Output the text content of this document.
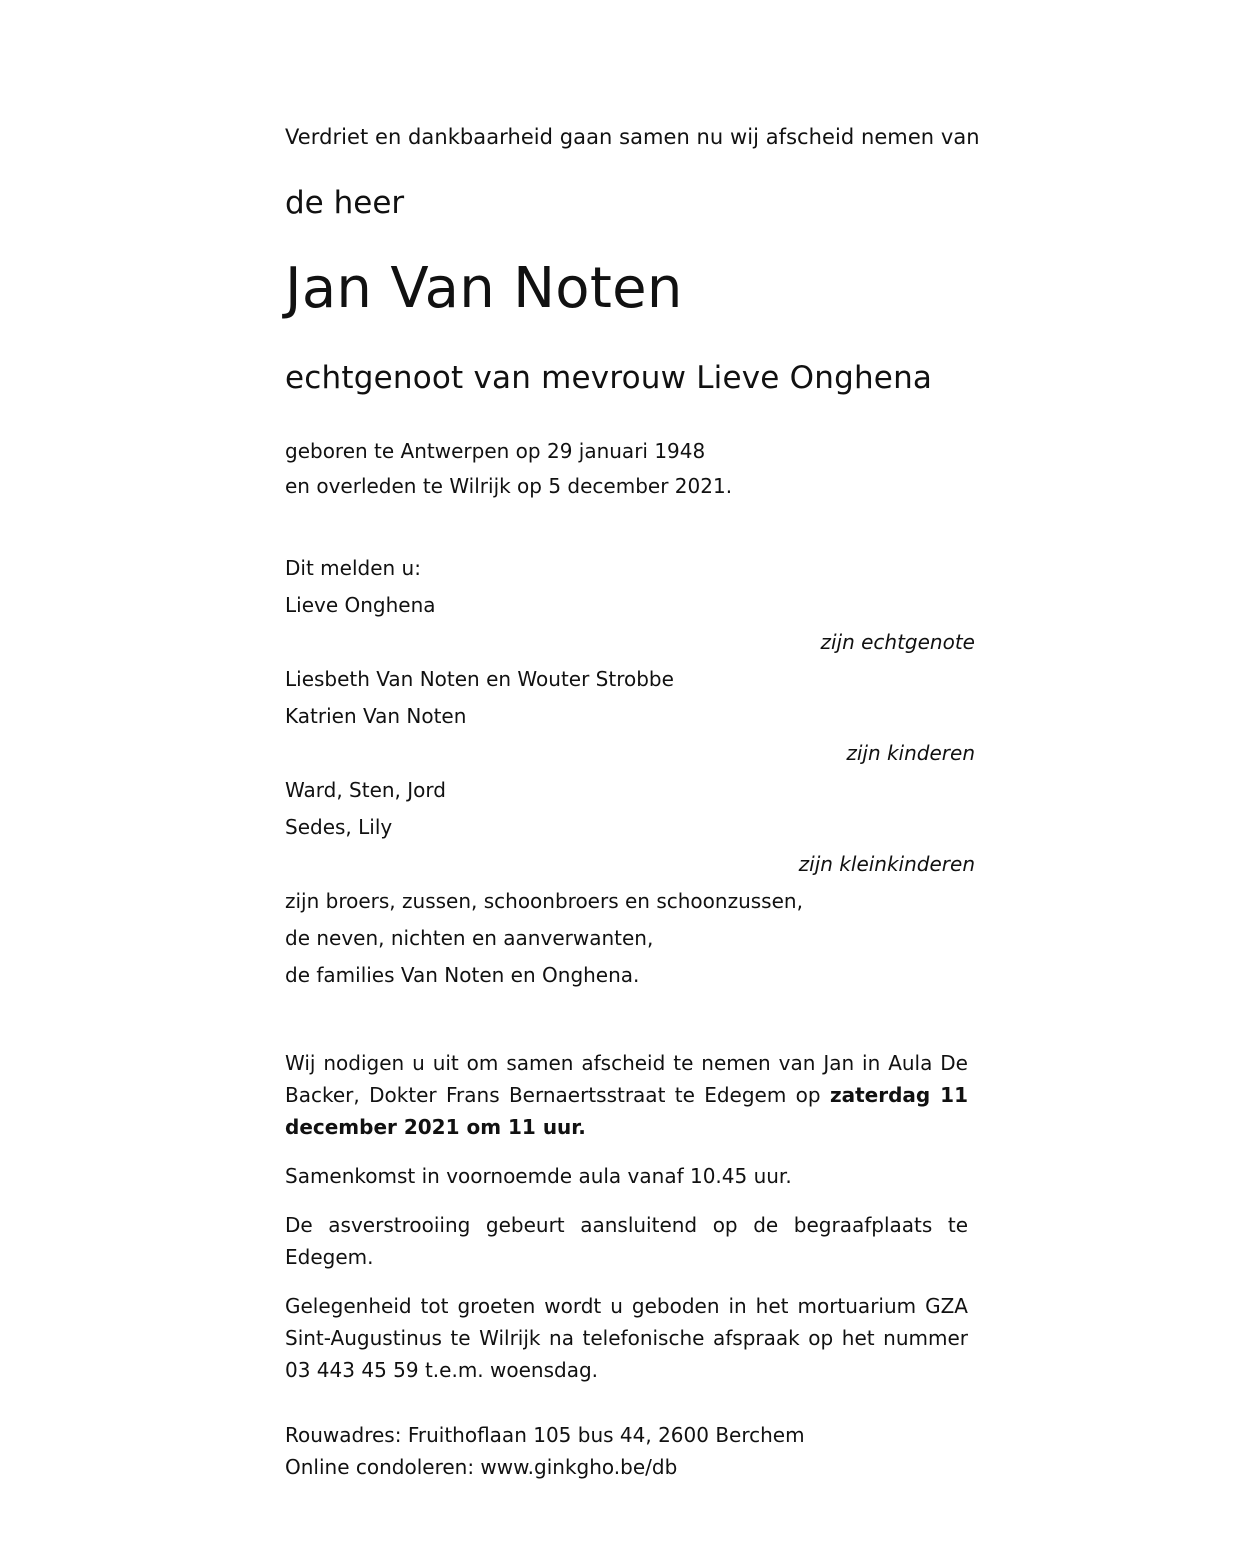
Verdriet en dankbaarheid gaan samen nu wij afscheid nemen van
de heer
Jan Van Noten
echtgenoot van mevrouw Lieve Onghena
geboren te Antwerpen op 29 januari 1948
en overleden te Wilrijk op 5 december 2021.
Dit melden u:
Lieve Onghena
zijn echtgenote
Liesbeth Van Noten en Wouter Strobbe
Katrien Van Noten
zijn kinderen
Ward, Sten, Jord
Sedes, Lily
zijn kleinkinderen
zijn broers, zussen, schoonbroers en schoonzussen,
de neven, nichten en aanverwanten,
de families Van Noten en Onghena.
Wij nodigen u uit om samen afscheid te nemen van Jan in Aula De Backer, Dokter Frans Bernaertsstraat te Edegem op zaterdag 11 december 2021 om 11 uur.
Samenkomst in voornoemde aula vanaf 10.45 uur.
De asverstrooiing gebeurt aansluitend op de begraafplaats te Edegem.
Gelegenheid tot groeten wordt u geboden in het mortuarium GZA Sint-Augustinus te Wilrijk na telefonische afspraak op het nummer 03 443 45 59 t.e.m. woensdag.
Rouwadres: Fruithoflaan 105 bus 44, 2600 Berchem
Online condoleren: www.ginkgho.be/db
